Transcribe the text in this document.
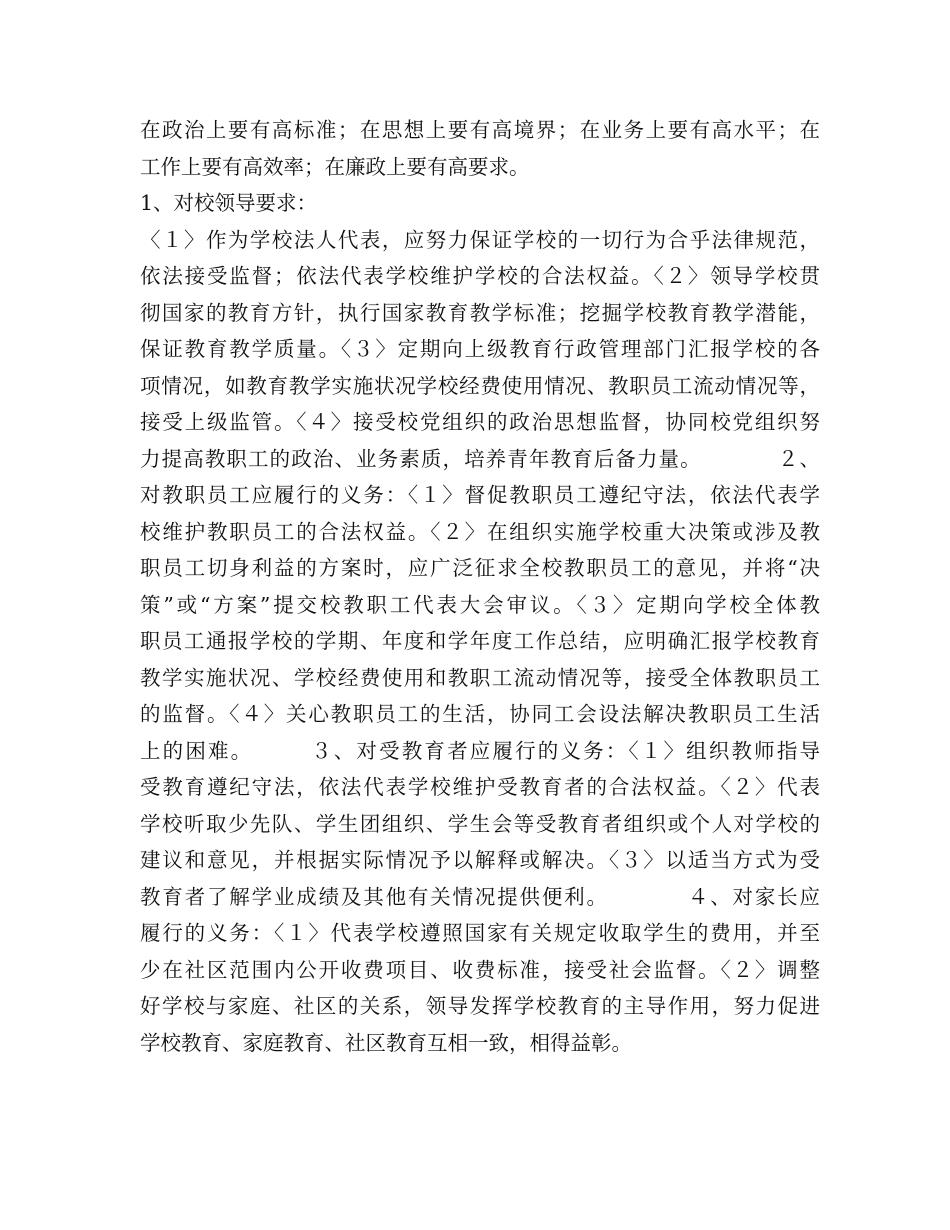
在政治上要有高标准；在思想上要有高境界；在业务上要有高水平；在
工作上要有高效率；在廉政上要有高要求。
1、对校领导要求：
〈１〉作为学校法人代表，应努力保证学校的一切行为合乎法律规范，
依法接受监督；依法代表学校维护学校的合法权益。〈２〉领导学校贯
彻国家的教育方针，执行国家教育教学标准；挖掘学校教育教学潜能，
保证教育教学质量。〈３〉定期向上级教育行政管理部门汇报学校的各
项情况，如教育教学实施状况学校经费使用情况、教职员工流动情况等，
接受上级监管。〈４〉接受校党组织的政治思想监督，协同校党组织努
力提高教职工的政治、业务素质，培养青年教育后备力量。　　　　２、
对教职员工应履行的义务：〈１〉督促教职员工遵纪守法，依法代表学
校维护教职员工的合法权益。〈２〉在组织实施学校重大决策或涉及教
职员工切身利益的方案时，应广泛征求全校教职员工的意见，并将“决
策”或“方案”提交校教职工代表大会审议。〈３〉定期向学校全体教
职员工通报学校的学期、年度和学年度工作总结，应明确汇报学校教育
教学实施状况、学校经费使用和教职工流动情况等，接受全体教职员工
的监督。〈４〉关心教职员工的生活，协同工会设法解决教职员工生活
上的困难。　　　３、对受教育者应履行的义务：〈１〉组织教师指导
受教育遵纪守法，依法代表学校维护受教育者的合法权益。〈２〉代表
学校听取少先队、学生团组织、学生会等受教育者组织或个人对学校的
建议和意见，并根据实际情况予以解释或解决。〈３〉以适当方式为受
教育者了解学业成绩及其他有关情况提供便利。　　　　４、对家长应
履行的义务：〈１〉代表学校遵照国家有关规定收取学生的费用，并至
少在社区范围内公开收费项目、收费标准，接受社会监督。〈２〉调整
好学校与家庭、社区的关系，领导发挥学校教育的主导作用，努力促进
学校教育、家庭教育、社区教育互相一致，相得益彰。
